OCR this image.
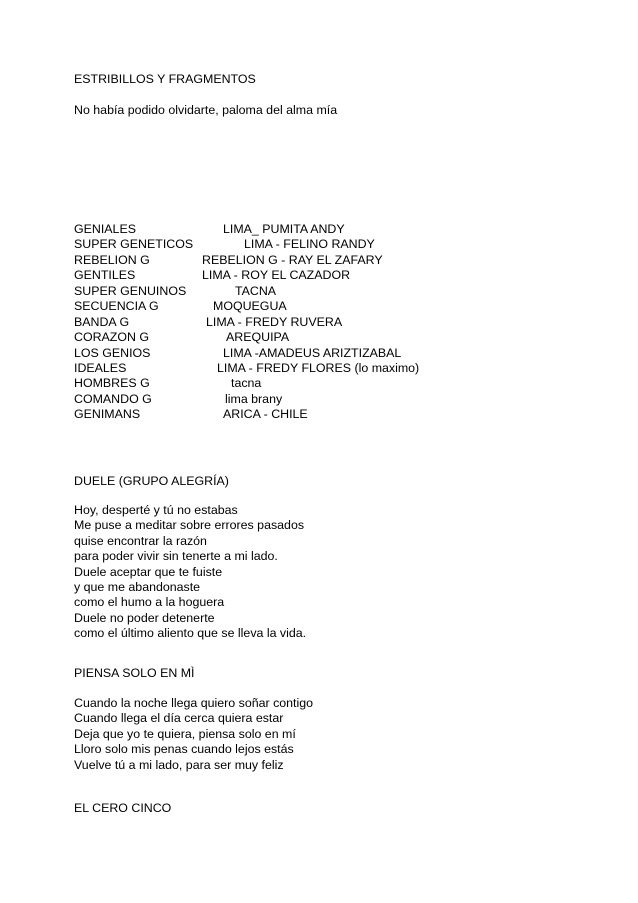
ESTRIBILLOS Y FRAGMENTOS
No había podido olvidarte, paloma del alma mía
GENIALES	LIMA_ PUMITA ANDY
SUPER GENETICOS	LIMA - FELINO RANDY
REBELION G	REBELION G - RAY EL ZAFARY
GENTILES	LIMA - ROY EL CAZADOR
SUPER GENUINOS	TACNA
SECUENCIA G	MOQUEGUA
BANDA G	LIMA - FREDY RUVERA
CORAZON G	AREQUIPA
LOS GENIOS	LIMA -AMADEUS ARIZTIZABAL
IDEALES	LIMA - FREDY FLORES (lo maximo)
HOMBRES G	tacna
COMANDO G	lima brany
GENIMANS	ARICA - CHILE
DUELE (GRUPO ALEGRÍA)
Hoy, desperté y tú no estabas
Me puse a meditar sobre errores pasados
quise encontrar la razón
para poder vivir sin tenerte a mi lado.
Duele aceptar que te fuiste
y que me abandonaste
como el humo a la hoguera
Duele no poder detenerte
como el último aliento que se lleva la vida.
PIENSA SOLO EN MÌ
Cuando la noche llega quiero soñar contigo
Cuando llega el día cerca quiera estar
Deja que yo te quiera, piensa solo en mí
Lloro solo mis penas cuando lejos estás
Vuelve tú a mi lado, para ser muy feliz
EL CERO CINCO
